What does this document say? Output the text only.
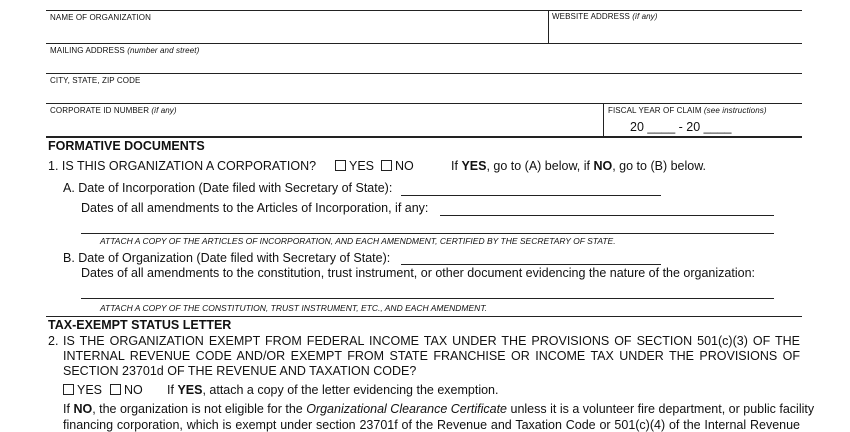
NAME OF ORGANIZATION	WEBSITE ADDRESS (if any)
MAILING ADDRESS (number and street)
CITY, STATE, ZIP CODE
CORPORATE ID NUMBER (if any)	FISCAL YEAR OF CLAIM (see instructions)
20 ____ - 20 ____
FORMATIVE DOCUMENTS
1. IS THIS ORGANIZATION A CORPORATION?	YES	NO	If YES, go to (A) below, if NO, go to (B) below.
A. Date of Incorporation (Date filed with Secretary of State):
Dates of all amendments to the Articles of Incorporation, if any:
ATTACH A COPY OF THE ARTICLES OF INCORPORATION, AND EACH AMENDMENT, CERTIFIED BY THE SECRETARY OF STATE.
B. Date of Organization (Date filed with Secretary of State):
Dates of all amendments to the constitution, trust instrument, or other document evidencing the nature of the organization:
ATTACH A COPY OF THE CONSTITUTION, TRUST INSTRUMENT, ETC., AND EACH AMENDMENT.
TAX-EXEMPT STATUS LETTER
2. IS THE ORGANIZATION EXEMPT FROM FEDERAL INCOME TAX UNDER THE PROVISIONS OF SECTION 501(c)(3) OF THE
INTERNAL REVENUE CODE AND/OR EXEMPT FROM STATE FRANCHISE OR INCOME TAX UNDER THE PROVISIONS OF
SECTION 23701d OF THE REVENUE AND TAXATION CODE?
YES	NO If YES, attach a copy of the letter evidencing the exemption.
If NO, the organization is not eligible for the Organizational Clearance Certificate unless it is a volunteer fire department, or public facility
financing corporation, which is exempt under section 23701f of the Revenue and Taxation Code or 501(c)(4) of the Internal Revenue
